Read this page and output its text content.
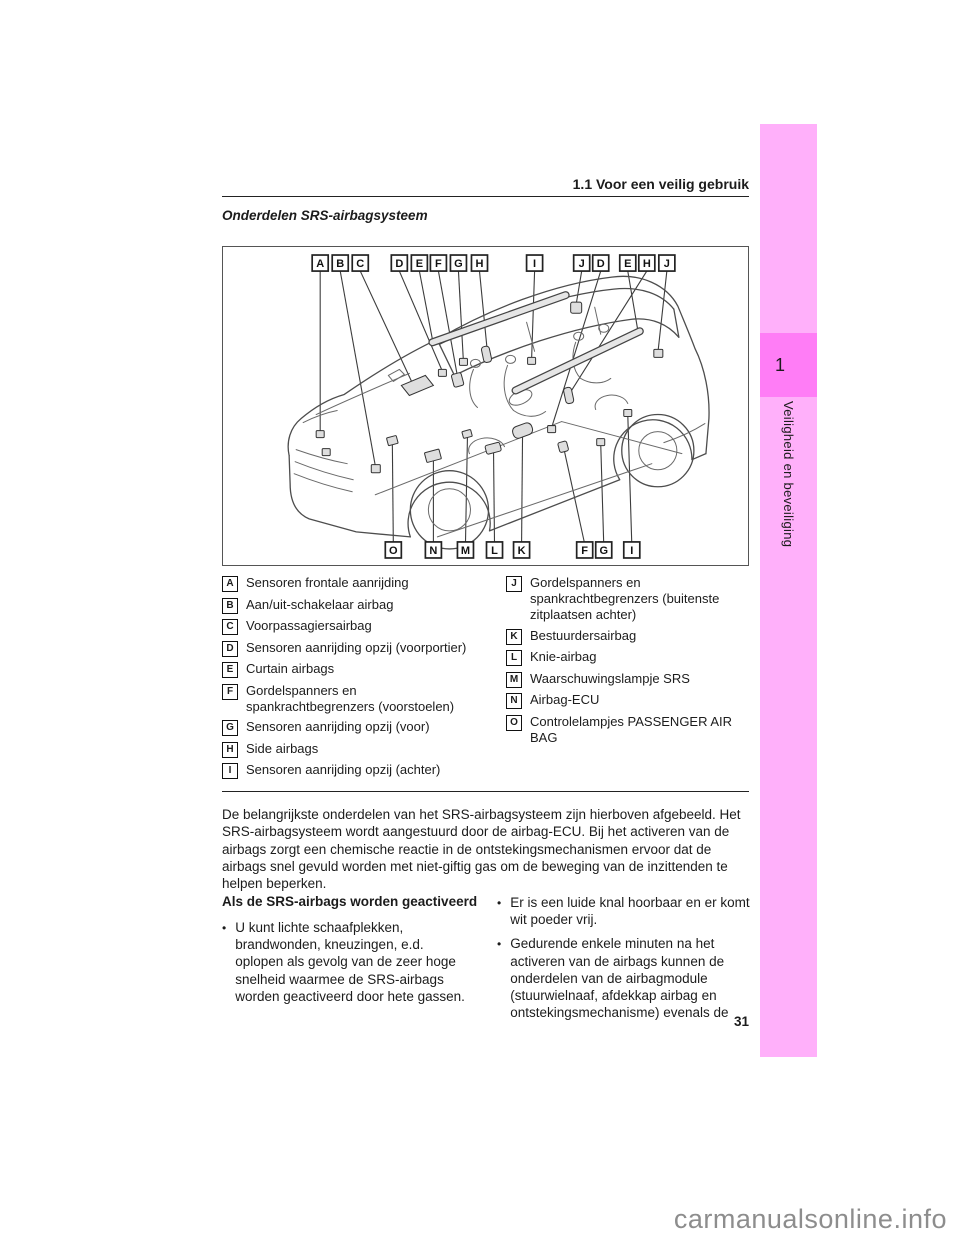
1.1 Voor een veilig gebruik
Onderdelen SRS-airbagsysteem
A B C	D E F G H	I	J D E H J
O	N M L K	F G I
A Sensoren frontale aanrijding
B Aan/uit-schakelaar airbag
C Voorpassagiersairbag
D Sensoren aanrijding opzij (voorportier)
E Curtain airbags
F Gordelspanners en spankrachtbegrenzers (voorstoelen)
G Sensoren aanrijding opzij (voor)
H Side airbags
I	Sensoren aanrijding opzij (achter)
J	Gordelspanners en spankrachtbegrenzers (buitenste zitplaatsen achter)
K Bestuurdersairbag
L Knie-airbag
M Waarschuwingslampje SRS
N Airbag-ECU
O Controlelampjes PASSENGER AIR BAG
De belangrijkste onderdelen van het SRS-airbagsysteem zijn hierboven afgebeeld. Het SRS-airbagsysteem wordt aangestuurd door de airbag-ECU. Bij het activeren van de airbags zorgt een chemische reactie in de ontstekingsmechanismen ervoor dat de airbags snel gevuld worden met niet-giftig gas om de beweging van de inzittenden te helpen beperken.
Als de SRS-airbags worden geactiveerd
•
U kunt lichte schaafplekken, brandwonden, kneuzingen, e.d. oplopen als gevolg van de zeer hoge snelheid waarmee de SRS-airbags worden geactiveerd door hete gassen.
•
Er is een luide knal hoorbaar en er komt wit poeder vrij.
•
Gedurende enkele minuten na het activeren van de airbags kunnen de onderdelen van de airbagmodule (stuurwielnaaf, afdekkap airbag en ontstekingsmechanisme) evenals de
31
1
Veiligheid en beveiliging
carmanualsonline.info
